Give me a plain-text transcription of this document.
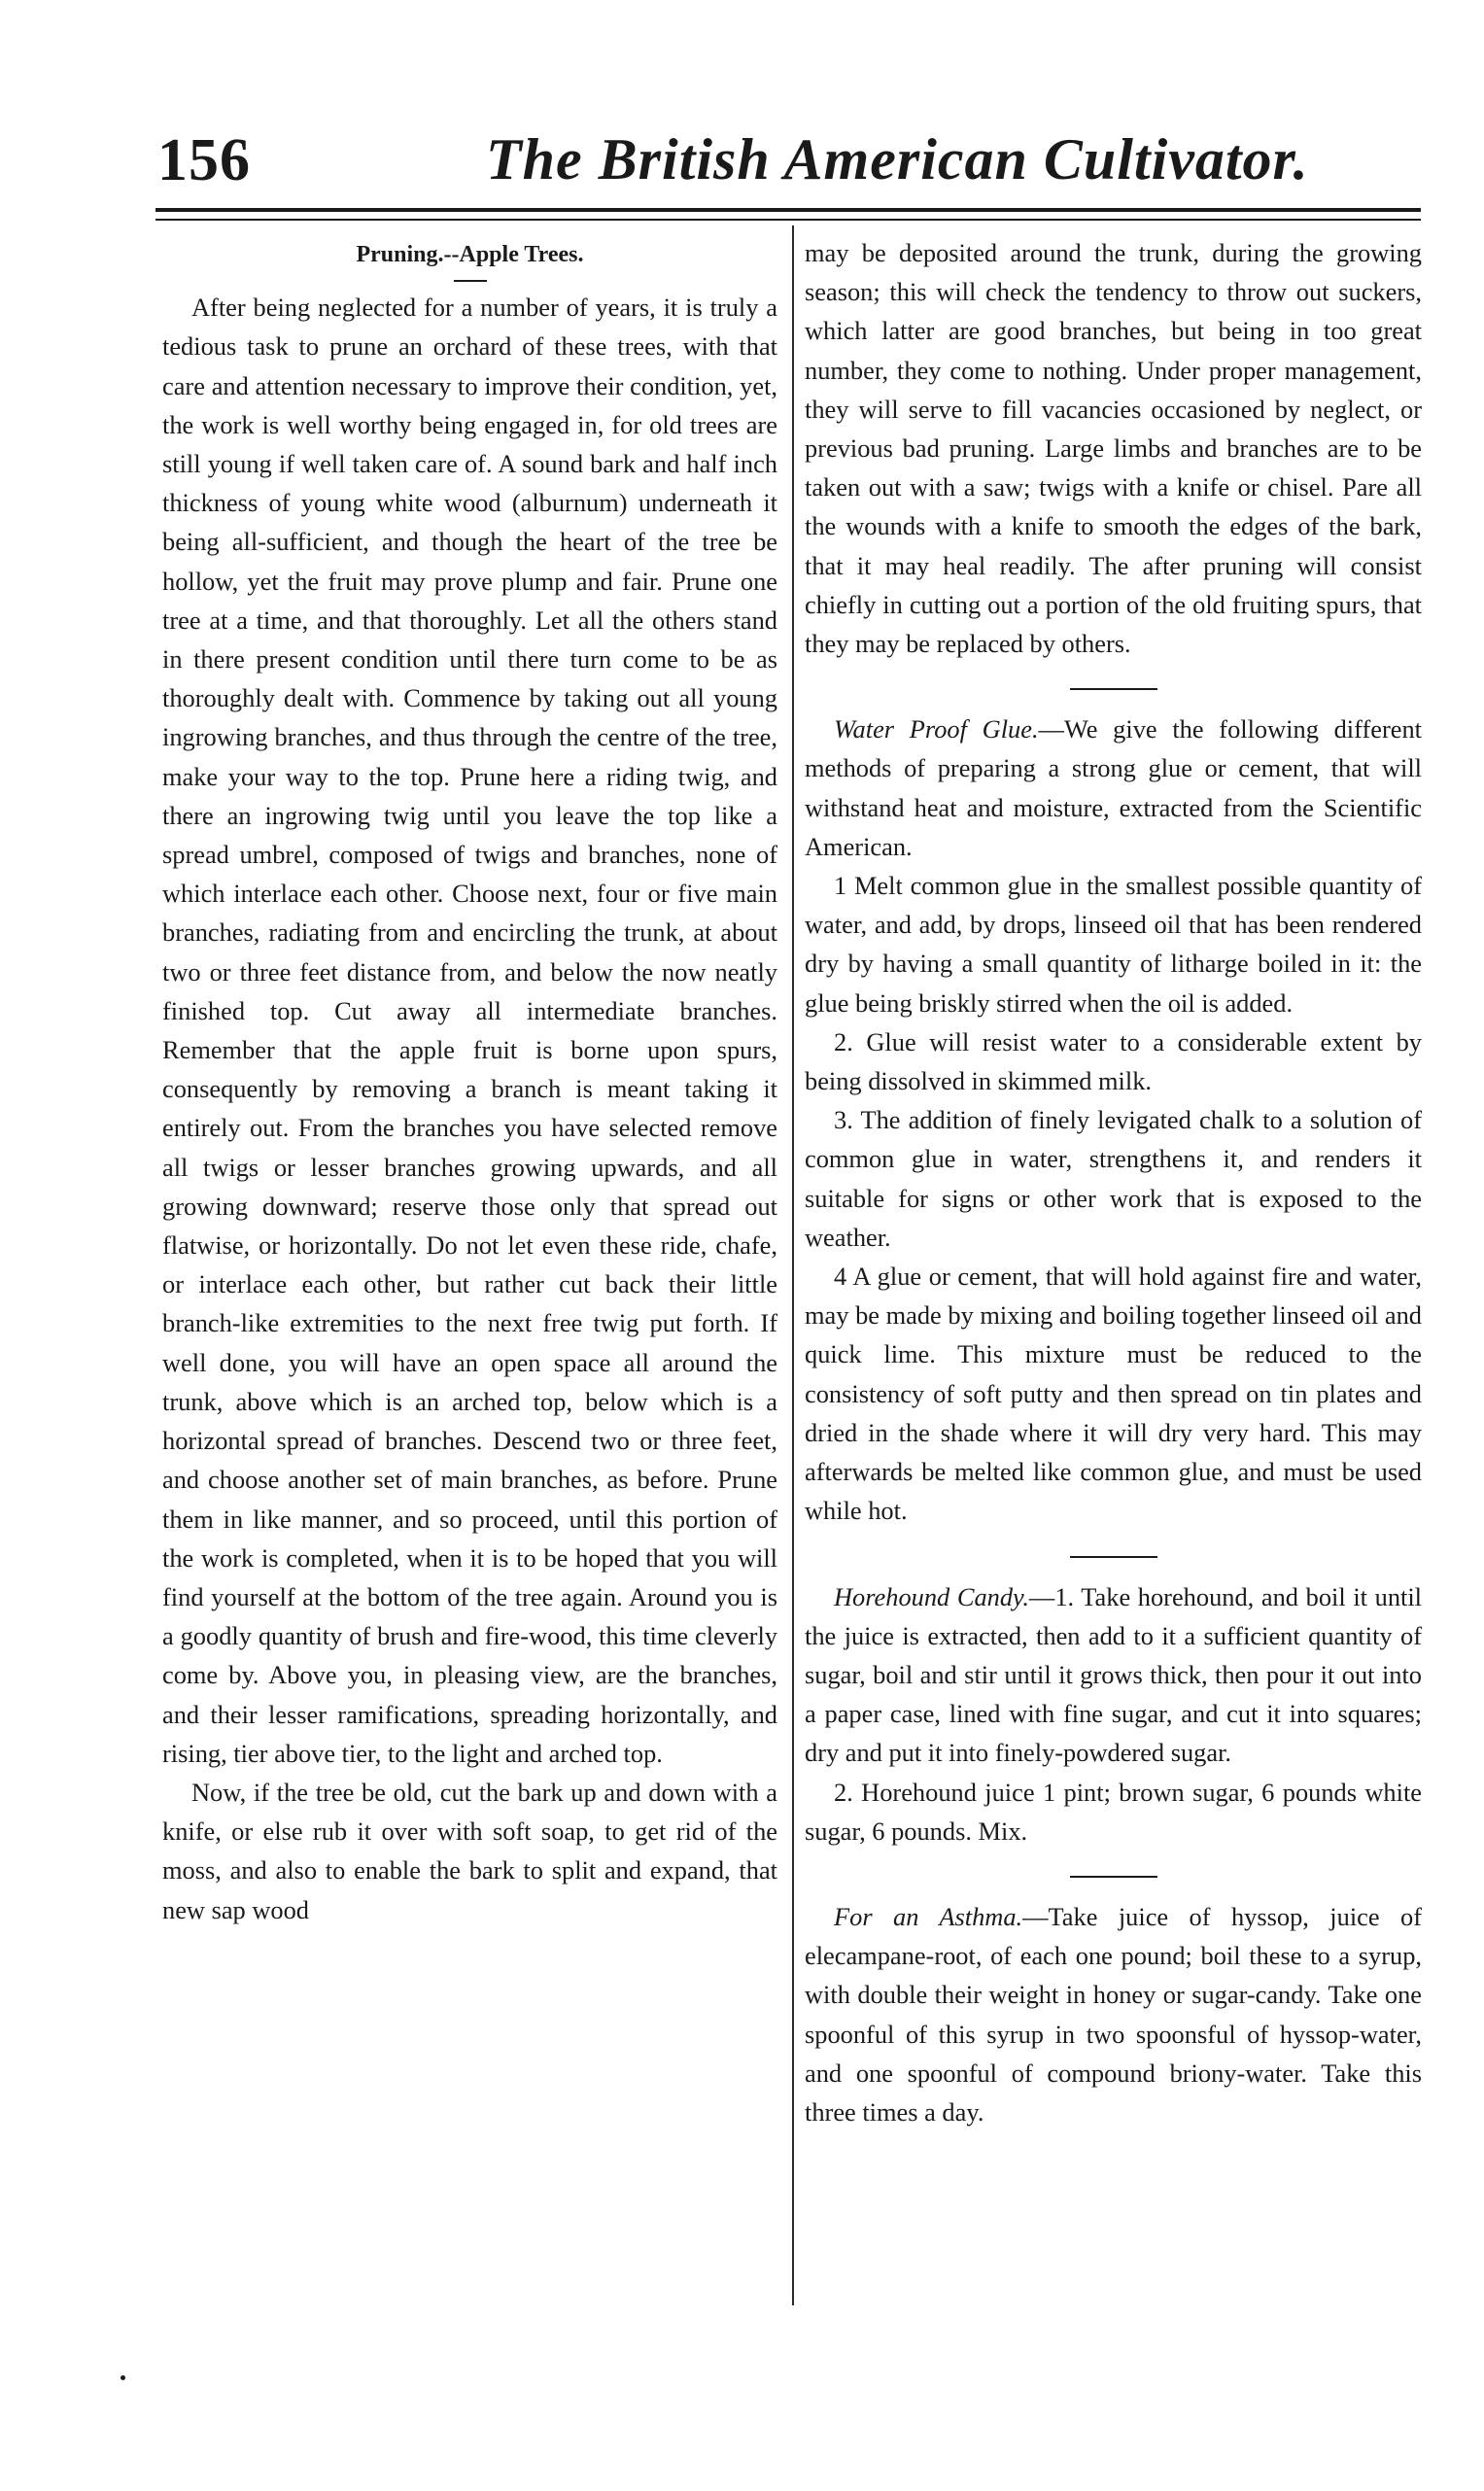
156	The British American Cultivator.
Pruning.--Apple Trees.

After being neglected for a number of years, it is truly a tedious task to prune an orchard of these trees, with that care and attention necessary to improve their condition, yet, the work is well worthy being engaged in, for old trees are still young if well taken care of. A sound bark and half inch thickness of young white wood (alburnum) underneath it being all-sufficient, and though the heart of the tree be hollow, yet the fruit may prove plump and fair. Prune one tree at a time, and that thoroughly. Let all the others stand in there present condition until there turn come to be as thoroughly dealt with. Commence by taking out all young ingrowing branches, and thus through the centre of the tree, make your way to the top. Prune here a riding twig, and there an ingrowing twig until you leave the top like a spread umbrel, composed of twigs and branches, none of which interlace each other. Choose next, four or five main branches, radiating from and encircling the trunk, at about two or three feet distance from, and below the now neatly finished top. Cut away all intermediate branches. Remember that the apple fruit is borne upon spurs, consequently by removing a branch is meant taking it entirely out. From the branches you have selected remove all twigs or lesser branches growing upwards, and all growing downward; reserve those only that spread out flatwise, or horizontally. Do not let even these ride, chafe, or interlace each other, but rather cut back their little branch-like extremities to the next free twig put forth. If well done, you will have an open space all around the trunk, above which is an arched top, below which is a horizontal spread of branches. Descend two or three feet, and choose another set of main branches, as before. Prune them in like manner, and so proceed, until this portion of the work is completed, when it is to be hoped that you will find yourself at the bottom of the tree again. Around you is a goodly quantity of brush and fire-wood, this time cleverly come by. Above you, in pleasing view, are the branches, and their lesser ramifications, spreading horizontally, and rising, tier above tier, to the light and arched top.

Now, if the tree be old, cut the bark up and down with a knife, or else rub it over with soft soap, to get rid of the moss, and also to enable the bark to split and expand, that new sap wood

may be deposited around the trunk, during the growing season; this will check the tendency to throw out suckers, which latter are good branches, but being in too great number, they come to nothing. Under proper management, they will serve to fill vacancies occasioned by neglect, or previous bad pruning. Large limbs and branches are to be taken out with a saw; twigs with a knife or chisel. Pare all the wounds with a knife to smooth the edges of the bark, that it may heal readily. The after pruning will consist chiefly in cutting out a portion of the old fruiting spurs, that they may be replaced by others.

Water Proof Glue.—We give the following different methods of preparing a strong glue or cement, that will withstand heat and moisture, extracted from the Scientific American.

1 Melt common glue in the smallest possible quantity of water, and add, by drops, linseed oil that has been rendered dry by having a small quantity of litharge boiled in it: the glue being briskly stirred when the oil is added.

2. Glue will resist water to a considerable extent by being dissolved in skimmed milk.

3. The addition of finely levigated chalk to a solution of common glue in water, strengthens it, and renders it suitable for signs or other work that is exposed to the weather.

4 A glue or cement, that will hold against fire and water, may be made by mixing and boiling together linseed oil and quick lime. This mixture must be reduced to the consistency of soft putty and then spread on tin plates and dried in the shade where it will dry very hard. This may afterwards be melted like common glue, and must be used while hot.

Horehound Candy.—1. Take horehound, and boil it until the juice is extracted, then add to it a sufficient quantity of sugar, boil and stir until it grows thick, then pour it out into a paper case, lined with fine sugar, and cut it into squares; dry and put it into finely-powdered sugar.

2. Horehound juice 1 pint; brown sugar, 6 pounds white sugar, 6 pounds. Mix.

For an Asthma.—Take juice of hyssop, juice of elecampane-root, of each one pound; boil these to a syrup, with double their weight in honey or sugar-candy. Take one spoonful of this syrup in two spoonsful of hyssop-water, and one spoonful of compound briony-water. Take this three times a day.
